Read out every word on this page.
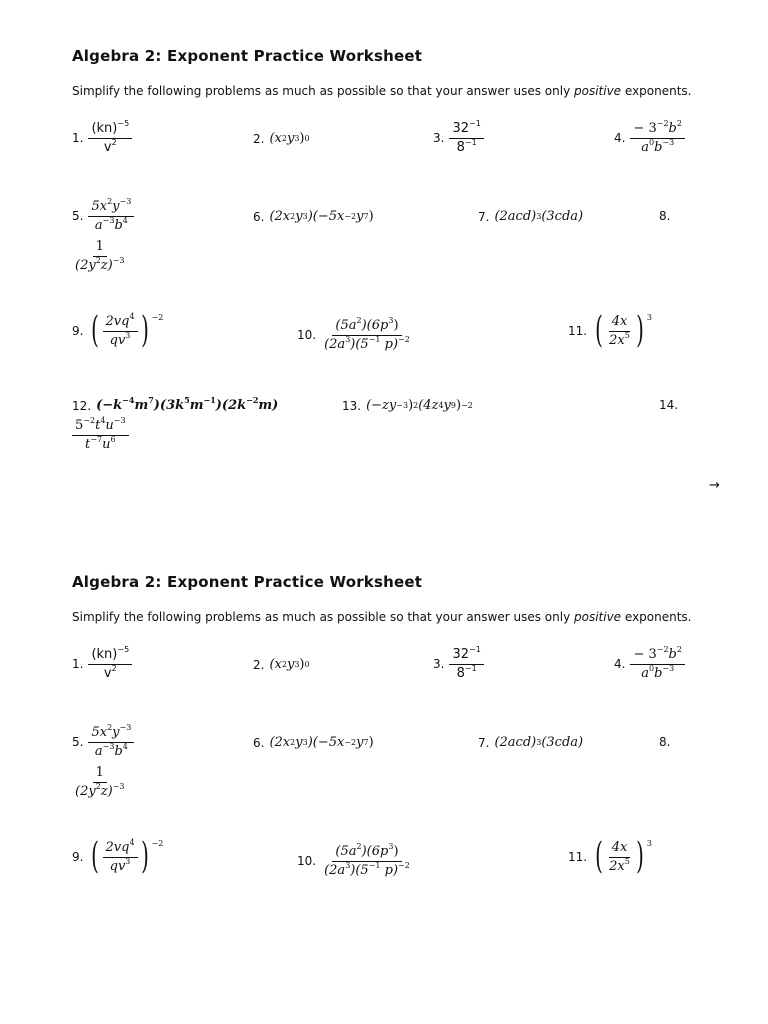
Algebra 2: Exponent Practice Worksheet
Simplify the following problems as much as possible so that your answer uses only positive exponents.
1. $\frac{(kn)^{-5}}{v^2}$	2. (x 2 y 3 ) 0	3. $\frac{32^{-1}}{8^{-1}}$	4. $\frac{- 3^{-2}b^2}{a^0b^{-3}}$
5. $\frac{5x^2y^{-3}}{a^{-3}b^4}$	6. (2x 2 y 3 )(−5x −2 y 7 )	7. (2acd) 3 (3cda)	8.
$\frac{1}{(2y^2z)^{-3}}$
9. ( $\frac{2vq^4}{qv^3}$ ) −2
10. $\frac{(5a^2)(6p^3)}{(2a^3)(5^{-1} p)^{-2}}$	11. ( $\frac{4x}{2x^5}$ ) 3
12. $(-k^{-4}m^7)(3k^5m^{-1})(2k^{-2}m)$	13. (−zy −3 ) 2 (4z 4 y 9 ) −2	14.
$\frac{5^{-2}t^4u^{-3}}{t^{-7}u^6}$
→
Algebra 2: Exponent Practice Worksheet
Simplify the following problems as much as possible so that your answer uses only positive exponents.
1. $\frac{(kn)^{-5}}{v^2}$	2. (x 2 y 3 ) 0	3. $\frac{32^{-1}}{8^{-1}}$	4. $\frac{- 3^{-2}b^2}{a^0b^{-3}}$
5. $\frac{5x^2y^{-3}}{a^{-3}b^4}$	6. (2x 2 y 3 )(−5x −2 y 7 )	7. (2acd) 3 (3cda)	8.
$\frac{1}{(2y^2z)^{-3}}$
9. ( $\frac{2vq^4}{qv^3}$ ) −2
10. $\frac{(5a^2)(6p^3)}{(2a^3)(5^{-1} p)^{-2}}$	11. ( $\frac{4x}{2x^5}$ ) 3
